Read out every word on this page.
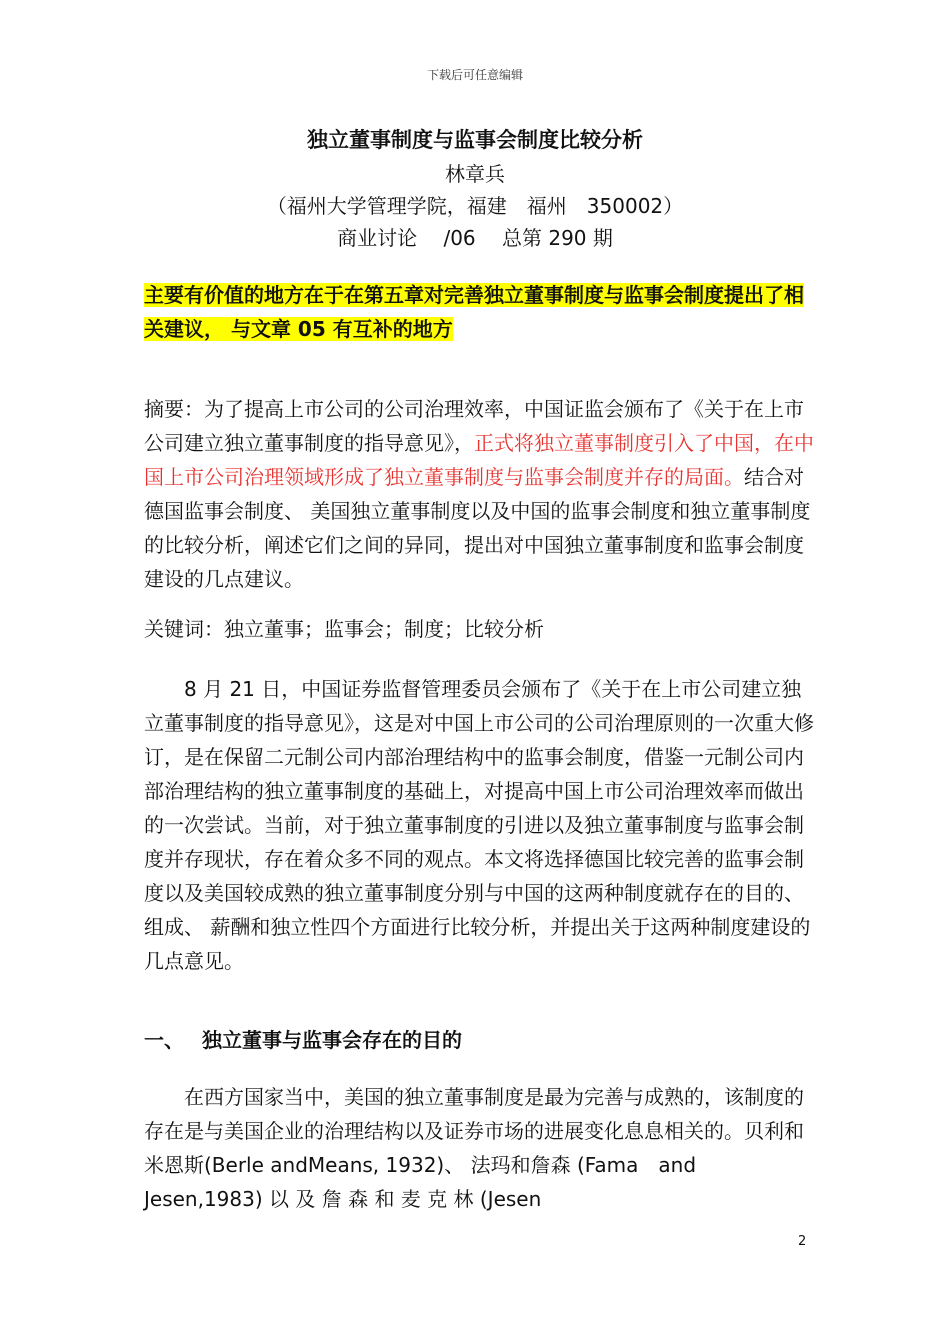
下载后可任意编辑
独立董事制度与监事会制度比较分析
林章兵
（福州大学管理学院，福建　福州　350002）
商业讨论　 /06　 总第 290 期
主要有价值的地方在于在第五章对完善独立董事制度与监事会制度提出了相关建议， 与文章 05 有互补的地方
摘要：为了提高上市公司的公司治理效率，中国证监会颁布了《关于在上市公司建立独立董事制度的指导意见》，正式将独立董事制度引入了中国，在中国上市公司治理领域形成了独立董事制度与监事会制度并存的局面。结合对德国监事会制度、 美国独立董事制度以及中国的监事会制度和独立董事制度的比较分析，阐述它们之间的异同，提出对中国独立董事制度和监事会制度建设的几点建议。
关键词：独立董事；监事会；制度；比较分析
8 月 21 日，中国证券监督管理委员会颁布了《关于在上市公司建立独立董事制度的指导意见》，这是对中国上市公司的公司治理原则的一次重大修订，是在保留二元制公司内部治理结构中的监事会制度，借鉴一元制公司内部治理结构的独立董事制度的基础上，对提高中国上市公司治理效率而做出的一次尝试。当前，对于独立董事制度的引进以及独立董事制度与监事会制度并存现状，存在着众多不同的观点。本文将选择德国比较完善的监事会制度以及美国较成熟的独立董事制度分别与中国的这两种制度就存在的目的、 组成、 薪酬和独立性四个方面进行比较分析，并提出关于这两种制度建设的几点意见。
一、 独立董事与监事会存在的目的
在西方国家当中，美国的独立董事制度是最为完善与成熟的，该制度的存在是与美国企业的治理结构以及证券市场的进展变化息息相关的。贝利和米恩斯(Berle andMeans, 1932)、 法玛和詹森 (Fama　and　Jesen,1983) 以 及 詹 森 和 麦 克 林 (Jesen
2
